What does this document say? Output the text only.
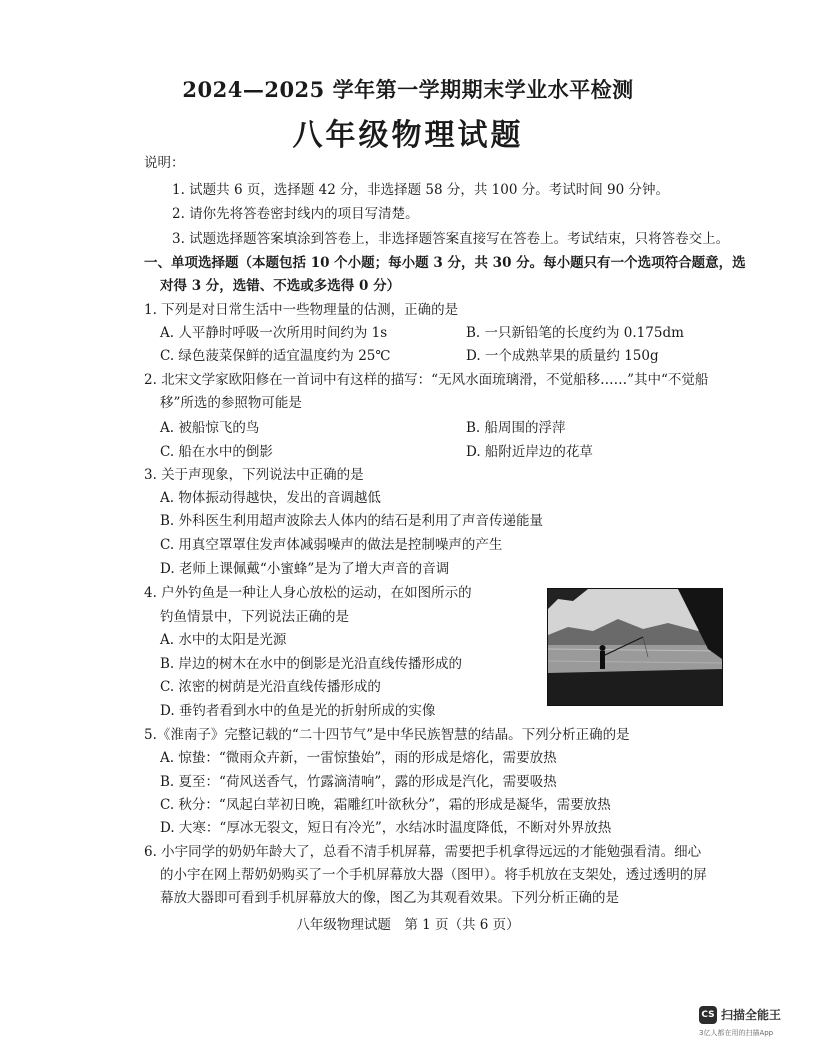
2024—2025 学年第一学期期末学业水平检测
八年级物理试题
说明：
1. 试题共 6 页，选择题 42 分，非选择题 58 分，共 100 分。考试时间 90 分钟。
2. 请你先将答卷密封线内的项目写清楚。
3. 试题选择题答案填涂到答卷上，非选择题答案直接写在答卷上。考试结束，只将答卷交上。
一、单项选择题（本题包括 10 个小题；每小题 3 分，共 30 分。每小题只有一个选项符合题意，选
对得 3 分，选错、不选或多选得 0 分）
1. 下列是对日常生活中一些物理量的估测，正确的是
A. 人平静时呼吸一次所用时间约为 1s	B. 一只新铅笔的长度约为 0.175dm
C. 绿色菠菜保鲜的适宜温度约为 25℃	D. 一个成熟苹果的质量约 150g
2. 北宋文学家欧阳修在一首词中有这样的描写：“无风水面琉璃滑，不觉船移……”其中“不觉船
移”所选的参照物可能是
A. 被船惊飞的鸟	B. 船周围的浮萍
C. 船在水中的倒影	D. 船附近岸边的花草
3. 关于声现象，下列说法中正确的是
A. 物体振动得越快，发出的音调越低
B. 外科医生利用超声波除去人体内的结石是利用了声音传递能量
C. 用真空罩罩住发声体减弱噪声的做法是控制噪声的产生
D. 老师上课佩戴“小蜜蜂”是为了增大声音的音调
4. 户外钓鱼是一种让人身心放松的运动，在如图所示的
钓鱼情景中，下列说法正确的是
A. 水中的太阳是光源
B. 岸边的树木在水中的倒影是光沿直线传播形成的
C. 浓密的树荫是光沿直线传播形成的
D. 垂钓者看到水中的鱼是光的折射所成的实像
5.《淮南子》完整记载的“二十四节气”是中华民族智慧的结晶。下列分析正确的是
A. 惊蛰：“微雨众卉新，一雷惊蛰始”，雨的形成是熔化，需要放热
B. 夏至：“荷风送香气，竹露滴清响”，露的形成是汽化，需要吸热
C. 秋分：“凤起白苹初日晚，霜雕红叶欲秋分”，霜的形成是凝华，需要放热
D. 大寒：“厚冰无裂文，短日有冷光”，水结冰时温度降低，不断对外界放热
6. 小宇同学的奶奶年龄大了，总看不清手机屏幕，需要把手机拿得远远的才能勉强看清。细心
的小宇在网上帮奶奶购买了一个手机屏幕放大器（图甲）。将手机放在支架处，透过透明的屏
幕放大器即可看到手机屏幕放大的像，图乙为其观看效果。下列分析正确的是
八年级物理试题　第 1 页（共 6 页）
CS 扫描全能王
3亿人都在用的扫描App
